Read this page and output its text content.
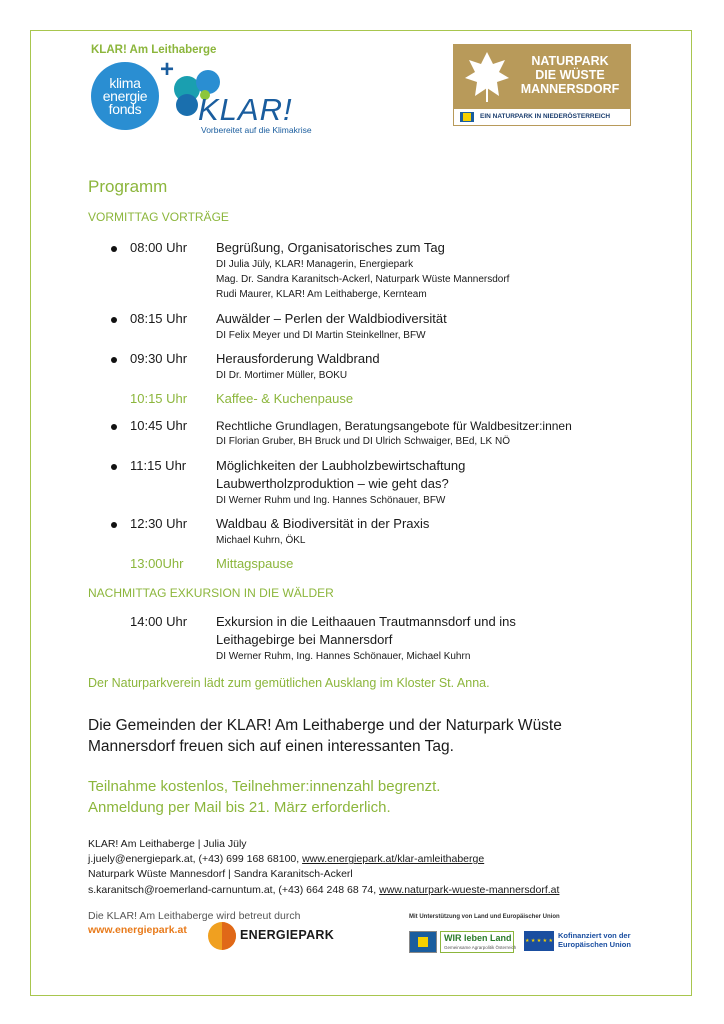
KLAR! Am Leithaberge
klima
energie
fonds
+
KLAR!
Vorbereitet auf die Klimakrise
NATURPARK
DIE WÜSTE
MANNERSDORF
EIN NATURPARK IN NIEDERÖSTERREICH
Programm
VORMITTAG VORTRÄGE
08:00 Uhr Begrüßung, Organisatorisches zum Tag
DI Julia Jüly, KLAR! Managerin, Energiepark
Mag. Dr. Sandra Karanitsch-Ackerl, Naturpark Wüste Mannersdorf
Rudi Maurer, KLAR! Am Leithaberge, Kernteam
08:15 Uhr Auwälder – Perlen der Waldbiodiversität
DI Felix Meyer und DI Martin Steinkellner, BFW
09:30 Uhr Herausforderung Waldbrand
DI Dr. Mortimer Müller, BOKU
10:15 Uhr Kaffee- & Kuchenpause
10:45 Uhr Rechtliche Grundlagen, Beratungsangebote für Waldbesitzer:innen
DI Florian Gruber, BH Bruck und DI Ulrich Schwaiger, BEd, LK NÖ
11:15 Uhr Möglichkeiten der Laubholzbewirtschaftung
Laubwertholzproduktion – wie geht das?
DI Werner Ruhm und Ing. Hannes Schönauer, BFW
12:30 Uhr Waldbau & Biodiversität in der Praxis
Michael Kuhrn, ÖKL
13:00Uhr	Mittagspause
NACHMITTAG EXKURSION IN DIE WÄLDER
14:00 Uhr Exkursion in die Leithaauen Trautmannsdorf und ins
Leithagebirge bei Mannersdorf
DI Werner Ruhm, Ing. Hannes Schönauer, Michael Kuhrn
Der Naturparkverein lädt zum gemütlichen Ausklang im Kloster St. Anna.
Die Gemeinden der KLAR! Am Leithaberge und der Naturpark Wüste Mannersdorf freuen sich auf einen interessanten Tag.
Teilnahme kostenlos, Teilnehmer:innenzahl begrenzt.
Anmeldung per Mail bis 21. März erforderlich.
KLAR! Am Leithaberge | Julia Jüly
j.juely@energiepark.at, (+43) 699 168 68100, www.energiepark.at/klar-amleithaberge
Naturpark Wüste Mannesdorf | Sandra Karanitsch-Ackerl
s.karanitsch@roemerland-carnuntum.at, (+43) 664 248 68 74, www.naturpark-wueste-mannersdorf.at
Die KLAR! Am Leithaberge wird betreut durch
www.energiepark.at	ENERGIEPARK
Mit Unterstützung von Land und Europäischer Union
WIR leben Land
Gemeinsame Agrarpolitik Österreich
★ ★ ★ ★ ★
Kofinanziert von der
Europäischen Union
